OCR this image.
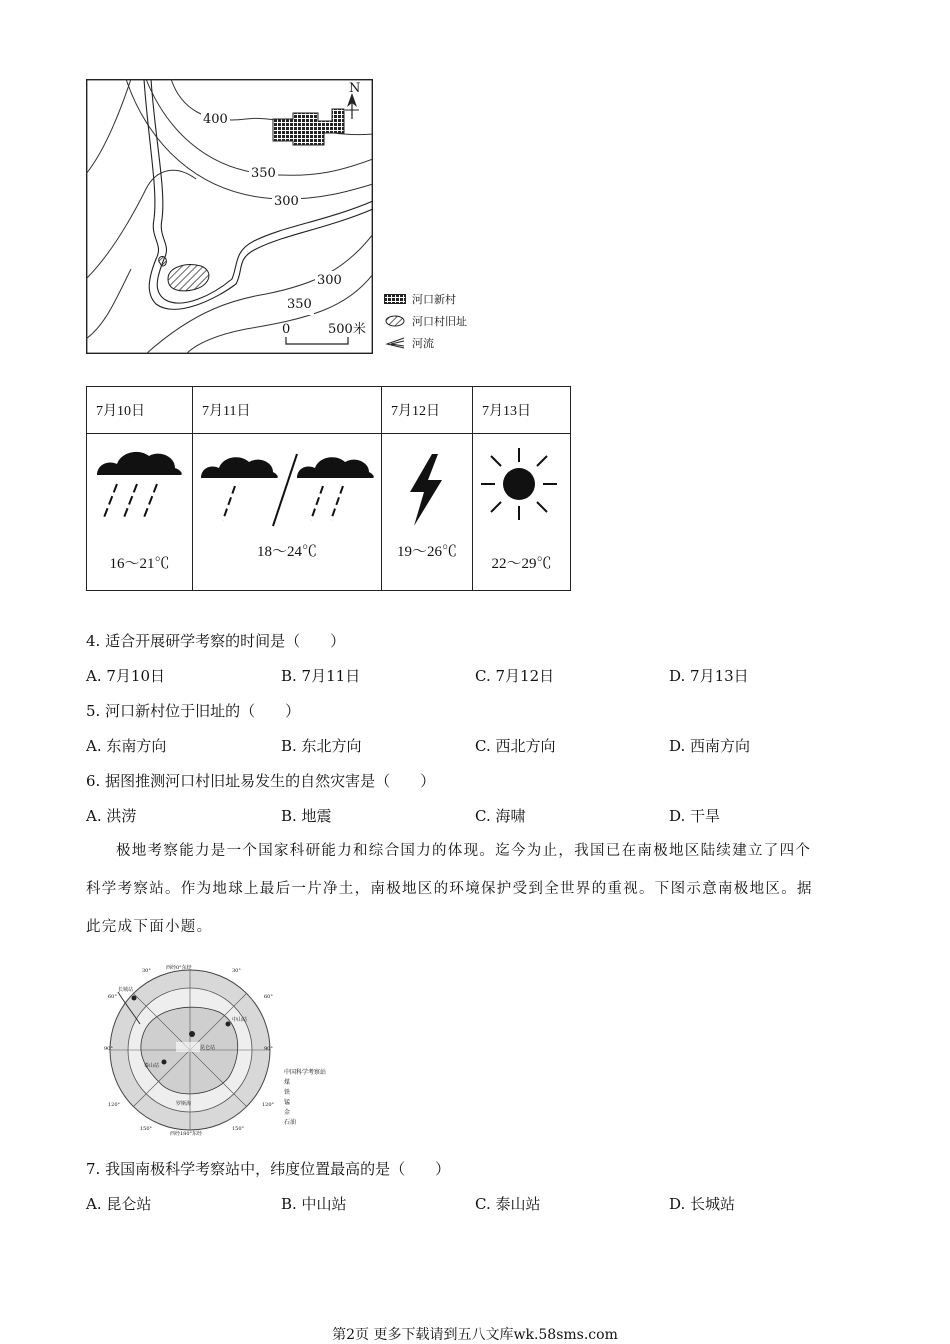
N
400
350
300
300
350
0	500米
河口新村
河口村旧址
河流
7月10日	7月11日	7月12日	7月13日

16～21℃	18～24℃	19～26℃	22～29℃
4. 适合开展研学考察的时间是（　　）
A. 7月10日	B. 7月11日	C. 7月12日	D. 7月13日
5. 河口新村位于旧址的（　　）
A. 东南方向	B. 东北方向	C. 西北方向	D. 西南方向
6. 据图推测河口村旧址易发生的自然灾害是（　　）
A. 洪涝	B. 地震	C. 海啸	D. 干旱
极地考察能力是一个国家科研能力和综合国力的体现。迄今为止，我国已在南极地区陆续建立了四个
科学考察站。作为地球上最后一片净土，南极地区的环境保护受到全世界的重视。下图示意南极地区。据
此完成下面小题。
西经0°东经
长城站
中山站
昆仑站
泰山站
罗斯海
西经180°东经
90°	90°
30°	30°
60°	60°
150°	150°
120°	120°
中国科学考察站
煤
铁
锰
金
石油
7. 我国南极科学考察站中，纬度位置最高的是（　　）
A. 昆仑站	B. 中山站	C. 泰山站	D. 长城站
第2页 更多下载请到五八文库wk.58sms.com
